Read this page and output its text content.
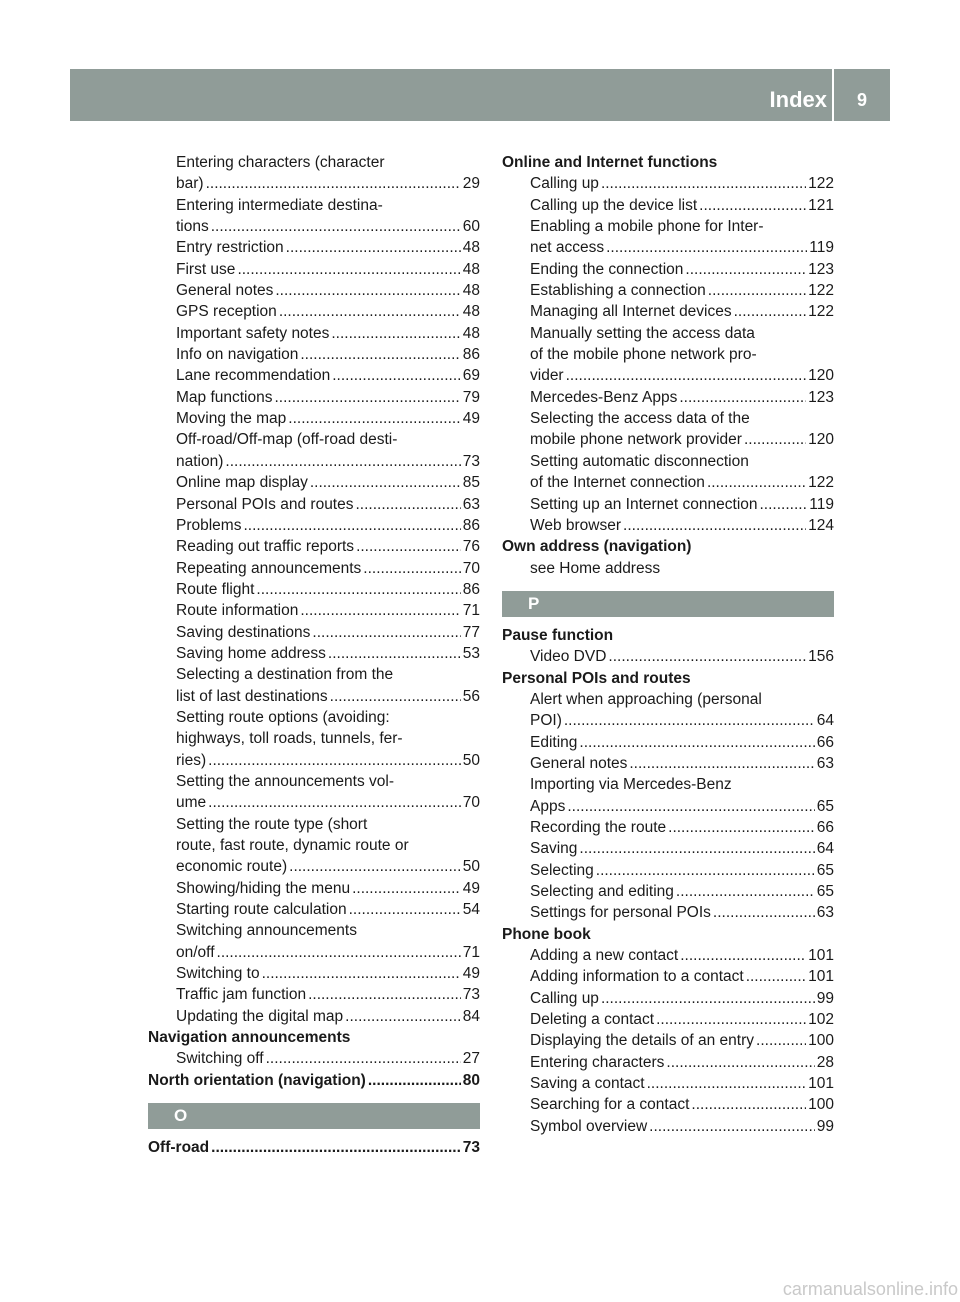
Index	9
Entering characters (character
bar) .....	29
Entering intermediate destina-
tions .....	60
Entry restriction .....	48
First use .....	48
General notes .....	48
GPS reception .....	48
Important safety notes .....	48
Info on navigation .....	86
Lane recommendation .....	69
Map functions .....	79
Moving the map .....	49
Off-road/Off-map (off-road desti-
nation) .....	73
Online map display .....	85
Personal POIs and routes .....	63
Problems .....	86
Reading out traffic reports .....	76
Repeating announcements .....	70
Route flight .....	86
Route information .....	71
Saving destinations .....	77
Saving home address .....	53
Selecting a destination from the
list of last destinations .....	56
Setting route options (avoiding:
highways, toll roads, tunnels, fer-
ries) .....	50
Setting the announcements vol-
ume .....	70
Setting the route type (short
route, fast route, dynamic route or
economic route) .....	50
Showing/hiding the menu .....	49
Starting route calculation .....	54
Switching announcements
on/off .....	71
Switching to .....	49
Traffic jam function .....	73
Updating the digital map .....	84
Navigation announcements
Switching off .....	27
North orientation (navigation) .....	80
O
Off-road .....	73
Online and Internet functions
Calling up .....	122
Calling up the device list .....	121
Enabling a mobile phone for Inter-
net access .....	119
Ending the connection .....	123
Establishing a connection .....	122
Managing all Internet devices .....	122
Manually setting the access data
of the mobile phone network pro-
vider .....	120
Mercedes-Benz Apps .....	123
Selecting the access data of the
mobile phone network provider .....	120
Setting automatic disconnection
of the Internet connection .....	122
Setting up an Internet connection .....	119
Web browser .....	124
Own address (navigation)
see Home address
P
Pause function
Video DVD .....	156
Personal POIs and routes
Alert when approaching (personal
POI) .....	64
Editing .....	66
General notes .....	63
Importing via Mercedes-Benz
Apps .....	65
Recording the route .....	66
Saving .....	64
Selecting .....	65
Selecting and editing .....	65
Settings for personal POIs .....	63
Phone book
Adding a new contact .....	101
Adding information to a contact .....	101
Calling up .....	99
Deleting a contact .....	102
Displaying the details of an entry .....	100
Entering characters .....	28
Saving a contact .....	101
Searching for a contact .....	100
Symbol overview .....	99
carmanualsonline.info
